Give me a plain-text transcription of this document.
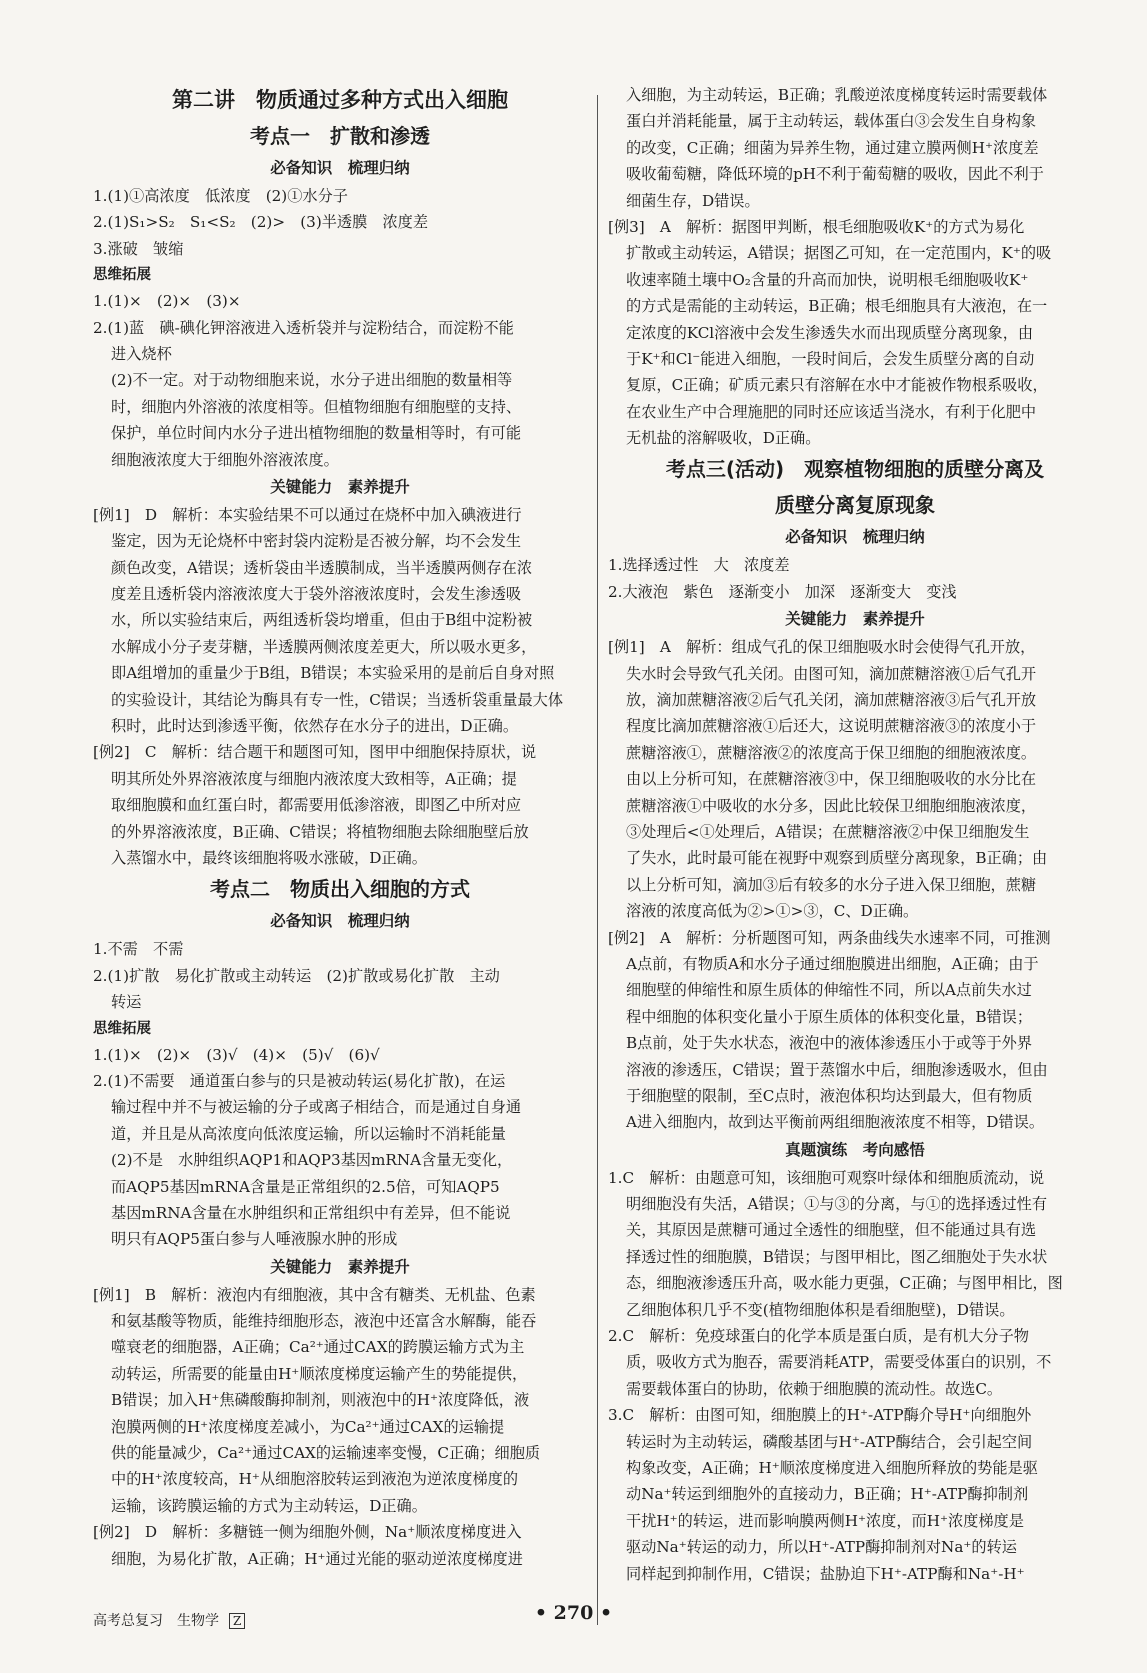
第二讲　物质通过多种方式出入细胞
考点一　扩散和渗透
必备知识　梳理归纳
1.(1)①高浓度　低浓度　(2)①水分子
2.(1)S₁>S₂　S₁<S₂　(2)>　(3)半透膜　浓度差
3.涨破　皱缩
思维拓展
1.(1)×　(2)×　(3)×
2.(1)蓝　碘-碘化钾溶液进入透析袋并与淀粉结合，而淀粉不能
进入烧杯
(2)不一定。对于动物细胞来说，水分子进出细胞的数量相等
时，细胞内外溶液的浓度相等。但植物细胞有细胞壁的支持、
保护，单位时间内水分子进出植物细胞的数量相等时，有可能
细胞液浓度大于细胞外溶液浓度。
关键能力　素养提升
[例1]　D　解析：本实验结果不可以通过在烧杯中加入碘液进行
鉴定，因为无论烧杯中密封袋内淀粉是否被分解，均不会发生
颜色改变，A错误；透析袋由半透膜制成，当半透膜两侧存在浓
度差且透析袋内溶液浓度大于袋外溶液浓度时，会发生渗透吸
水，所以实验结束后，两组透析袋均增重，但由于B组中淀粉被
水解成小分子麦芽糖，半透膜两侧浓度差更大，所以吸水更多，
即A组增加的重量少于B组，B错误；本实验采用的是前后自身对照
的实验设计，其结论为酶具有专一性，C错误；当透析袋重量最大体
积时，此时达到渗透平衡，依然存在水分子的进出，D正确。
[例2]　C　解析：结合题干和题图可知，图甲中细胞保持原状，说
明其所处外界溶液浓度与细胞内液浓度大致相等，A正确；提
取细胞膜和血红蛋白时，都需要用低渗溶液，即图乙中所对应
的外界溶液浓度，B正确、C错误；将植物细胞去除细胞壁后放
入蒸馏水中，最终该细胞将吸水涨破，D正确。
考点二　物质出入细胞的方式
必备知识　梳理归纳
1.不需　不需
2.(1)扩散　易化扩散或主动转运　(2)扩散或易化扩散　主动
转运
思维拓展
1.(1)×　(2)×　(3)√　(4)×　(5)√　(6)√
2.(1)不需要　通道蛋白参与的只是被动转运(易化扩散)，在运
输过程中并不与被运输的分子或离子相结合，而是通过自身通
道，并且是从高浓度向低浓度运输，所以运输时不消耗能量
(2)不是　水肿组织AQP1和AQP3基因mRNA含量无变化，
而AQP5基因mRNA含量是正常组织的2.5倍，可知AQP5
基因mRNA含量在水肿组织和正常组织中有差异，但不能说
明只有AQP5蛋白参与人唾液腺水肿的形成
关键能力　素养提升
[例1]　B　解析：液泡内有细胞液，其中含有糖类、无机盐、色素
和氨基酸等物质，能维持细胞形态，液泡中还富含水解酶，能吞
噬衰老的细胞器，A正确；Ca²⁺通过CAX的跨膜运输方式为主
动转运，所需要的能量由H⁺顺浓度梯度运输产生的势能提供，
B错误；加入H⁺焦磷酸酶抑制剂，则液泡中的H⁺浓度降低，液
泡膜两侧的H⁺浓度梯度差减小，为Ca²⁺通过CAX的运输提
供的能量减少，Ca²⁺通过CAX的运输速率变慢，C正确；细胞质
中的H⁺浓度较高，H⁺从细胞溶胶转运到液泡为逆浓度梯度的
运输，该跨膜运输的方式为主动转运，D正确。
[例2]　D　解析：多糖链一侧为细胞外侧，Na⁺顺浓度梯度进入
细胞，为易化扩散，A正确；H⁺通过光能的驱动逆浓度梯度进
入细胞，为主动转运，B正确；乳酸逆浓度梯度转运时需要载体
蛋白并消耗能量，属于主动转运，载体蛋白③会发生自身构象
的改变，C正确；细菌为异养生物，通过建立膜两侧H⁺浓度差
吸收葡萄糖，降低环境的pH不利于葡萄糖的吸收，因此不利于
细菌生存，D错误。
[例3]　A　解析：据图甲判断，根毛细胞吸收K⁺的方式为易化
扩散或主动转运，A错误；据图乙可知，在一定范围内，K⁺的吸
收速率随土壤中O₂含量的升高而加快，说明根毛细胞吸收K⁺
的方式是需能的主动转运，B正确；根毛细胞具有大液泡，在一
定浓度的KCl溶液中会发生渗透失水而出现质壁分离现象，由
于K⁺和Cl⁻能进入细胞，一段时间后，会发生质壁分离的自动
复原，C正确；矿质元素只有溶解在水中才能被作物根系吸收，
在农业生产中合理施肥的同时还应该适当浇水，有利于化肥中
无机盐的溶解吸收，D正确。
考点三(活动)　观察植物细胞的质壁分离及
质壁分离复原现象
必备知识　梳理归纳
1.选择透过性　大　浓度差
2.大液泡　紫色　逐渐变小　加深　逐渐变大　变浅
关键能力　素养提升
[例1]　A　解析：组成气孔的保卫细胞吸水时会使得气孔开放，
失水时会导致气孔关闭。由图可知，滴加蔗糖溶液①后气孔开
放，滴加蔗糖溶液②后气孔关闭，滴加蔗糖溶液③后气孔开放
程度比滴加蔗糖溶液①后还大，这说明蔗糖溶液③的浓度小于
蔗糖溶液①，蔗糖溶液②的浓度高于保卫细胞的细胞液浓度。
由以上分析可知，在蔗糖溶液③中，保卫细胞吸收的水分比在
蔗糖溶液①中吸收的水分多，因此比较保卫细胞细胞液浓度，
③处理后<①处理后，A错误；在蔗糖溶液②中保卫细胞发生
了失水，此时最可能在视野中观察到质壁分离现象，B正确；由
以上分析可知，滴加③后有较多的水分子进入保卫细胞，蔗糖
溶液的浓度高低为②>①>③，C、D正确。
[例2]　A　解析：分析题图可知，两条曲线失水速率不同，可推测
A点前，有物质A和水分子通过细胞膜进出细胞，A正确；由于
细胞壁的伸缩性和原生质体的伸缩性不同，所以A点前失水过
程中细胞的体积变化量小于原生质体的体积变化量，B错误；
B点前，处于失水状态，液泡中的液体渗透压小于或等于外界
溶液的渗透压，C错误；置于蒸馏水中后，细胞渗透吸水，但由
于细胞壁的限制，至C点时，液泡体积均达到最大，但有物质
A进入细胞内，故到达平衡前两组细胞液浓度不相等，D错误。
真题演练　考向感悟
1.C　解析：由题意可知，该细胞可观察叶绿体和细胞质流动，说
明细胞没有失活，A错误；①与③的分离，与①的选择透过性有
关，其原因是蔗糖可通过全透性的细胞壁，但不能通过具有选
择透过性的细胞膜，B错误；与图甲相比，图乙细胞处于失水状
态，细胞液渗透压升高，吸水能力更强，C正确；与图甲相比，图
乙细胞体积几乎不变(植物细胞体积是看细胞壁)，D错误。
2.C　解析：免疫球蛋白的化学本质是蛋白质，是有机大分子物
质，吸收方式为胞吞，需要消耗ATP，需要受体蛋白的识别，不
需要载体蛋白的协助，依赖于细胞膜的流动性。故选C。
3.C　解析：由图可知，细胞膜上的H⁺-ATP酶介导H⁺向细胞外
转运时为主动转运，磷酸基团与H⁺-ATP酶结合，会引起空间
构象改变，A正确；H⁺顺浓度梯度进入细胞所释放的势能是驱
动Na⁺转运到细胞外的直接动力，B正确；H⁺-ATP酶抑制剂
干扰H⁺的转运，进而影响膜两侧H⁺浓度，而H⁺浓度梯度是
驱动Na⁺转运的动力，所以H⁺-ATP酶抑制剂对Na⁺的转运
同样起到抑制作用，C错误；盐胁迫下H⁺-ATP酶和Na⁺-H⁺
高考总复习　生物学 Z	• 270 •
